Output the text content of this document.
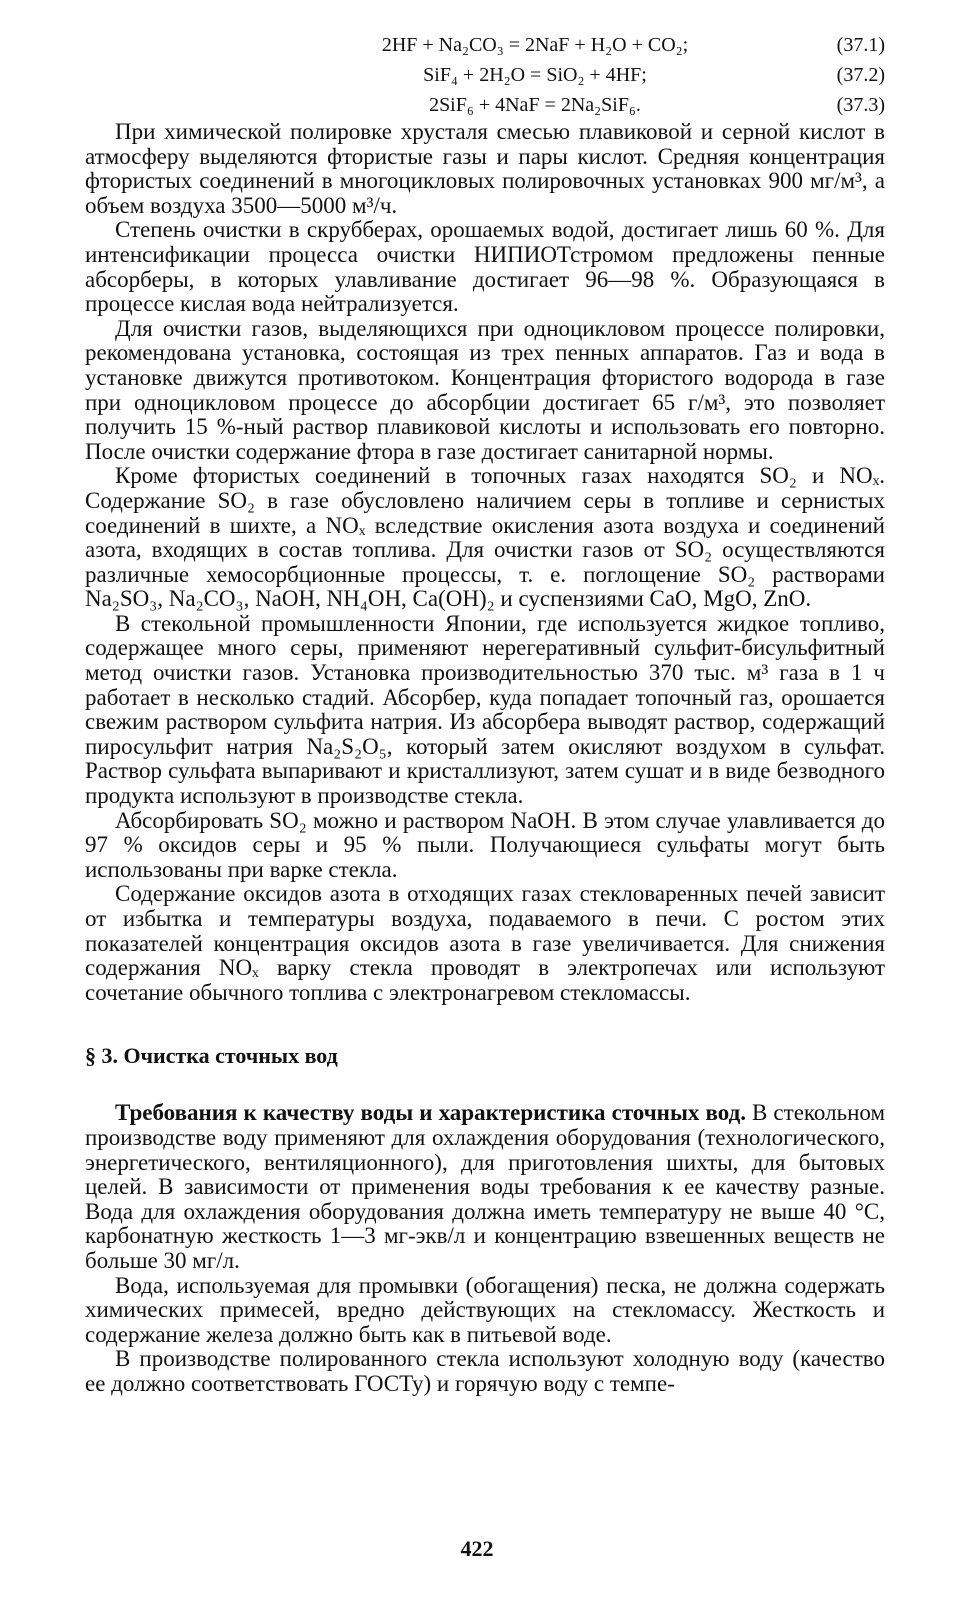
2HF + Na₂CO₃ = 2NaF + H₂O + CO₂;	(37.1)
SiF₄ + 2H₂O = SiO₂ + 4HF;	(37.2)
2SiF₆ + 4NaF = 2Na₂SiF₆.	(37.3)

При химической полировке хрусталя смесью плавиковой и серной кислот в атмосферу выделяются фтористые газы и пары кислот. Средняя концентрация фтористых соединений в многоцикловых полировочных установках 900 мг/м³, а объем воздуха 3500—5000 м³/ч.

Степень очистки в скрубберах, орошаемых водой, достигает лишь 60 %. Для интенсификации процесса очистки НИПИОТстромом предложены пенные абсорберы, в которых улавливание достигает 96—98 %. Образующаяся в процессе кислая вода нейтрализуется.

Для очистки газов, выделяющихся при одноцикловом процессе полировки, рекомендована установка, состоящая из трех пенных аппаратов. Газ и вода в установке движутся противотоком. Концентрация фтористого водорода в газе при одноцикловом процессе до абсорбции достигает 65 г/м³, это позволяет получить 15 %-ный раствор плавиковой кислоты и использовать его повторно. После очистки содержание фтора в газе достигает санитарной нормы.

Кроме фтористых соединений в топочных газах находятся SO₂ и NOₓ. Содержание SO₂ в газе обусловлено наличием серы в топливе и сернистых соединений в шихте, а NOₓ вследствие окисления азота воздуха и соединений азота, входящих в состав топлива. Для очистки газов от SO₂ осуществляются различные хемосорбционные процессы, т. е. поглощение SO₂ растворами Na₂SO₃, Na₂CO₃, NaOH, NH₄OH, Ca(OH)₂ и суспензиями CaO, MgO, ZnO.

В стекольной промышленности Японии, где используется жидкое топливо, содержащее много серы, применяют нерегеративный сульфит-бисульфитный метод очистки газов. Установка производительностью 370 тыс. м³ газа в 1 ч работает в несколько стадий. Абсорбер, куда попадает топочный газ, орошается свежим раствором сульфита натрия. Из абсорбера выводят раствор, содержащий пиросульфит натрия Na₂S₂O₅, который затем окисляют воздухом в сульфат. Раствор сульфата выпаривают и кристаллизуют, затем сушат и в виде безводного продукта используют в производстве стекла.

Абсорбировать SO₂ можно и раствором NaOH. В этом случае улавливается до 97 % оксидов серы и 95 % пыли. Получающиеся сульфаты могут быть использованы при варке стекла.

Содержание оксидов азота в отходящих газах стекловаренных печей зависит от избытка и температуры воздуха, подаваемого в печи. С ростом этих показателей концентрация оксидов азота в газе увеличивается. Для снижения содержания NOₓ варку стекла проводят в электропечах или используют сочетание обычного топлива с электронагревом стекломассы.

§ 3. Очистка сточных вод

Требования к качеству воды и характеристика сточных вод. В стекольном производстве воду применяют для охлаждения оборудования (технологического, энергетического, вентиляционного), для приготовления шихты, для бытовых целей. В зависимости от применения воды требования к ее качеству разные. Вода для охлаждения оборудования должна иметь температуру не выше 40 °C, карбонатную жесткость 1—3 мг-экв/л и концентрацию взвешенных веществ не больше 30 мг/л.

Вода, используемая для промывки (обогащения) песка, не должна содержать химических примесей, вредно действующих на стекломассу. Жесткость и содержание железа должно быть как в питьевой воде.

В производстве полированного стекла используют холодную воду (качество ее должно соответствовать ГОСТу) и горячую воду с темпе-

422
